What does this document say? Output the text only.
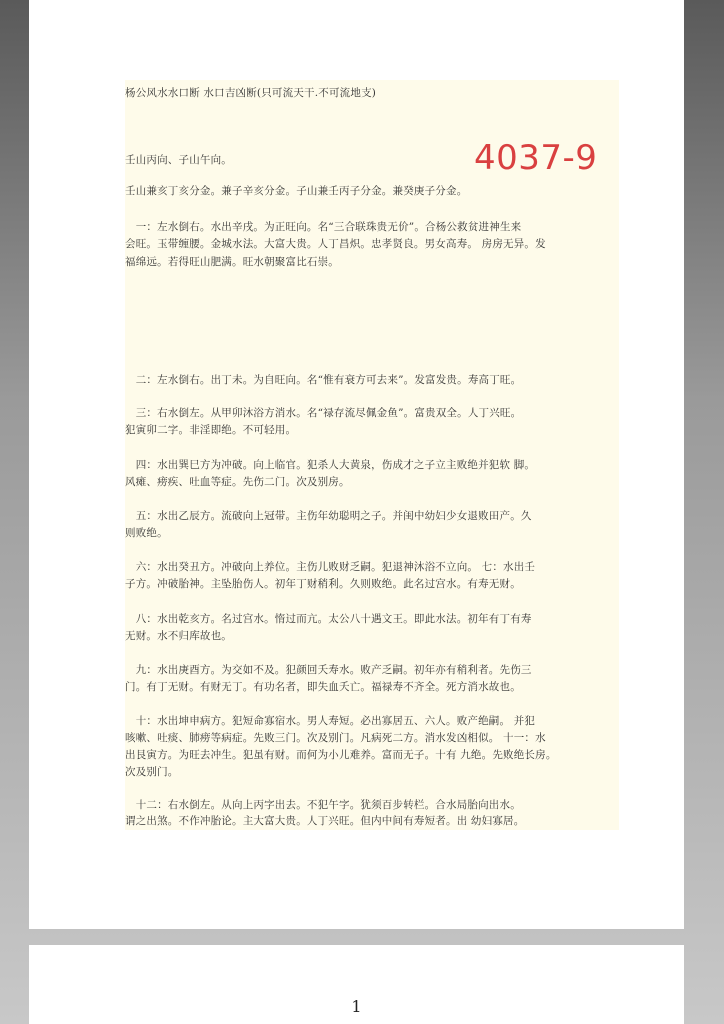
杨公风水水口断 水口吉凶断(只可流天干.不可流地支)
4037-9
壬山丙向、子山午向。
壬山兼亥丁亥分金。兼子辛亥分金。子山兼壬丙子分金。兼癸庚子分金。
　一：左水倒右。水出辛戌。为正旺向。名“三合联珠贵无价”。合杨公救贫进神生来
会旺。玉带缠腰。金城水法。大富大贵。人丁昌炽。忠孝贤良。男女高寿。 房房无异。发
福绵远。若得旺山肥满。旺水朝聚富比石崇。
　二：左水倒右。出丁未。为自旺向。名“惟有衰方可去来”。发富发贵。寿高丁旺。
　三：右水倒左。从甲卯沐浴方消水。名“禄存流尽佩金鱼”。富贵双全。人丁兴旺。
犯寅卯二字。非淫即绝。不可轻用。
　四：水出巽巳方为冲破。向上临官。犯杀人大黄泉，伤成才之子立主败绝并犯软 脚。
风瘫、痨疾、吐血等症。先伤二门。次及别房。
　五：水出乙辰方。流破向上冠带。主伤年幼聪明之子。并闺中幼妇少女退败田产。久
则败绝。
　六：水出癸丑方。冲破向上养位。主伤儿败财乏嗣。犯退神沐浴不立向。 七：水出壬
子方。冲破胎神。主坠胎伤人。初年丁财稍利。久则败绝。此名过宫水。有寿无财。
　八：水出乾亥方。名过宫水。惰过而亢。太公八十遇文王。即此水法。初年有丁有寿
无财。水不归库故也。
　九：水出庚酉方。为交如不及。犯颜回夭寿水。败产乏嗣。初年亦有稍利者。先伤三
门。有丁无财。有财无丁。有功名者，即失血夭亡。福禄寿不齐全。死方消水故也。
　十：水出坤申病方。犯短命寡宿水。男人寿短。必出寡居五、六人。败产绝嗣。 并犯
咳嗽、吐痰、肺痨等病症。先败三门。次及别门。凡病死二方。消水发凶相似。 十一：水
出艮寅方。为旺去冲生。犯虽有财。而何为小儿难养。富而无子。十有 九绝。先败绝长房。
次及别门。
　十二：右水倒左。从向上丙字出去。不犯午字。犹须百步转栏。合水局胎向出水。
谓之出煞。不作冲胎论。主大富大贵。人丁兴旺。但内中间有寿短者。出 幼妇寡居。
1
